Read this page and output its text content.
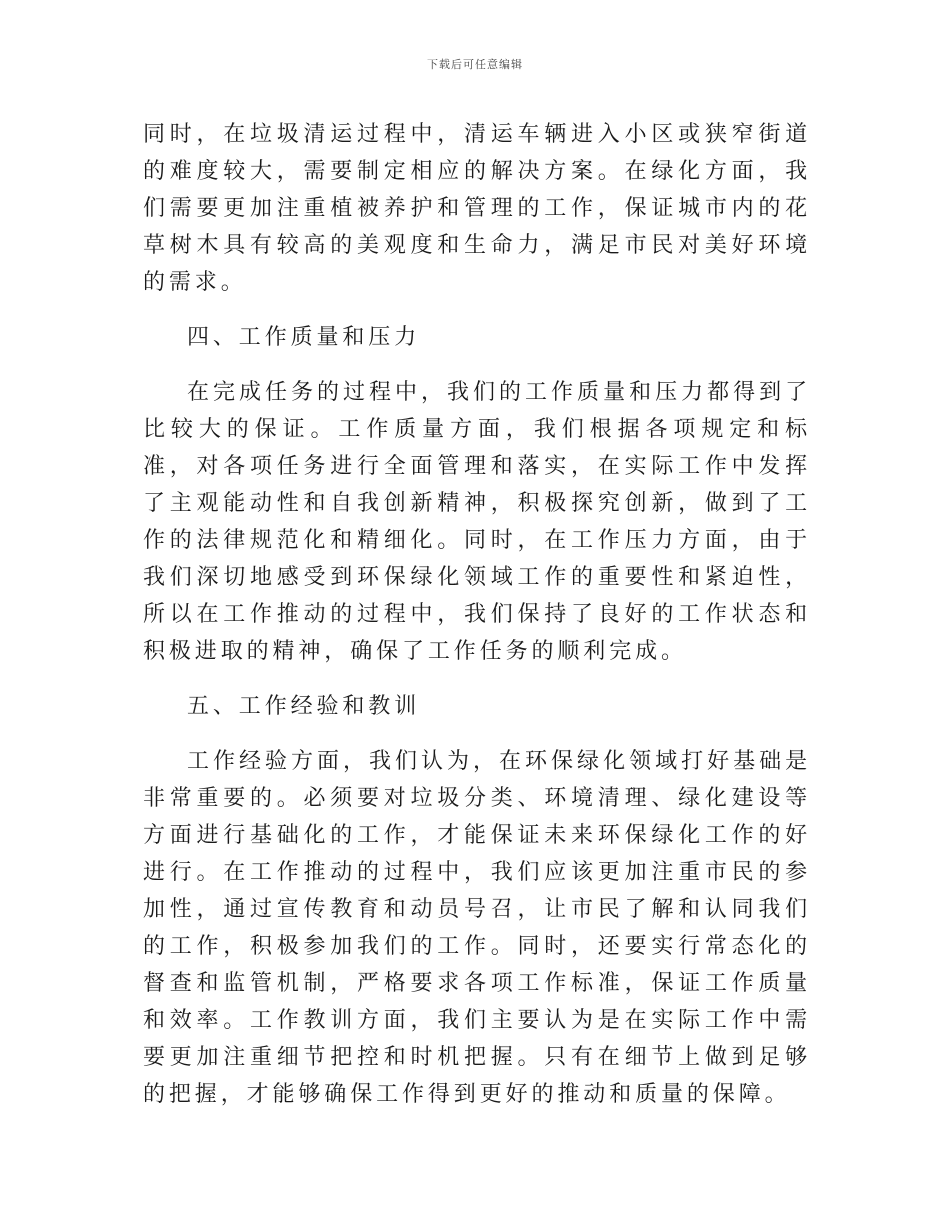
下载后可任意编辑

同时，在垃圾清运过程中，清运车辆进入小区或狭窄街道的难度较大，需要制定相应的解决方案。在绿化方面，我们需要更加注重植被养护和管理的工作，保证城市内的花草树木具有较高的美观度和生命力，满足市民对美好环境的需求。

四、工作质量和压力

在完成任务的过程中，我们的工作质量和压力都得到了比较大的保证。工作质量方面，我们根据各项规定和标准，对各项任务进行全面管理和落实，在实际工作中发挥了主观能动性和自我创新精神，积极探究创新，做到了工作的法律规范化和精细化。同时，在工作压力方面，由于我们深切地感受到环保绿化领域工作的重要性和紧迫性，所以在工作推动的过程中，我们保持了良好的工作状态和积极进取的精神，确保了工作任务的顺利完成。

五、工作经验和教训

工作经验方面，我们认为，在环保绿化领域打好基础是非常重要的。必须要对垃圾分类、环境清理、绿化建设等方面进行基础化的工作，才能保证未来环保绿化工作的好进行。在工作推动的过程中，我们应该更加注重市民的参加性，通过宣传教育和动员号召，让市民了解和认同我们的工作，积极参加我们的工作。同时，还要实行常态化的督查和监管机制，严格要求各项工作标准，保证工作质量和效率。工作教训方面，我们主要认为是在实际工作中需要更加注重细节把控和时机把握。只有在细节上做到足够的把握，才能够确保工作得到更好的推动和质量的保障。
